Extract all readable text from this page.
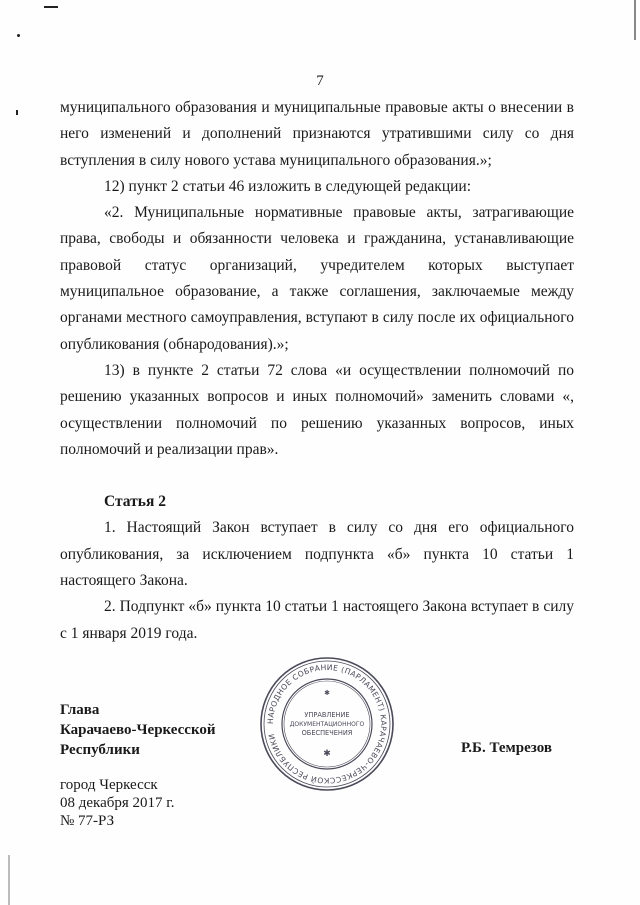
7

муниципального образования и муниципальные правовые акты о внесении в него изменений и дополнений признаются утратившими силу со дня вступления в силу нового устава муниципального образования.»;

12) пункт 2 статьи 46 изложить в следующей редакции:

«2. Муниципальные нормативные правовые акты, затрагивающие права, свободы и обязанности человека и гражданина, устанавливающие правовой статус организаций, учредителем которых выступает муниципальное образование, а также соглашения, заключаемые между органами местного самоуправления, вступают в силу после их официального опубликования (обнародования).»;

13) в пункте 2 статьи 72 слова «и осуществлении полномочий по решению указанных вопросов и иных полномочий» заменить словами «, осуществлении полномочий по решению указанных вопросов, иных полномочий и реализации прав».

Статья 2

1. Настоящий Закон вступает в силу со дня его официального опубликования, за исключением подпункта «б» пункта 10 статьи 1 настоящего Закона.

2. Подпункт «б» пункта 10 статьи 1 настоящего Закона вступает в силу с 1 января 2019 года.

Глава
Карачаево-Черкесской
Республики	Р.Б. Темрезов
город Черкесск
08 декабря 2017 г.
№ 77-РЗ
НАРОДНОЕ СОБРАНИЕ (ПАРЛАМЕНТ) КАРАЧАЕВО-ЧЕРКЕССКОЙ РЕСПУБЛИКИ
УПРАВЛЕНИЕ
ДОКУМЕНТАЦИОННОГО
ОБЕСПЕЧЕНИЯ
✱
✱
